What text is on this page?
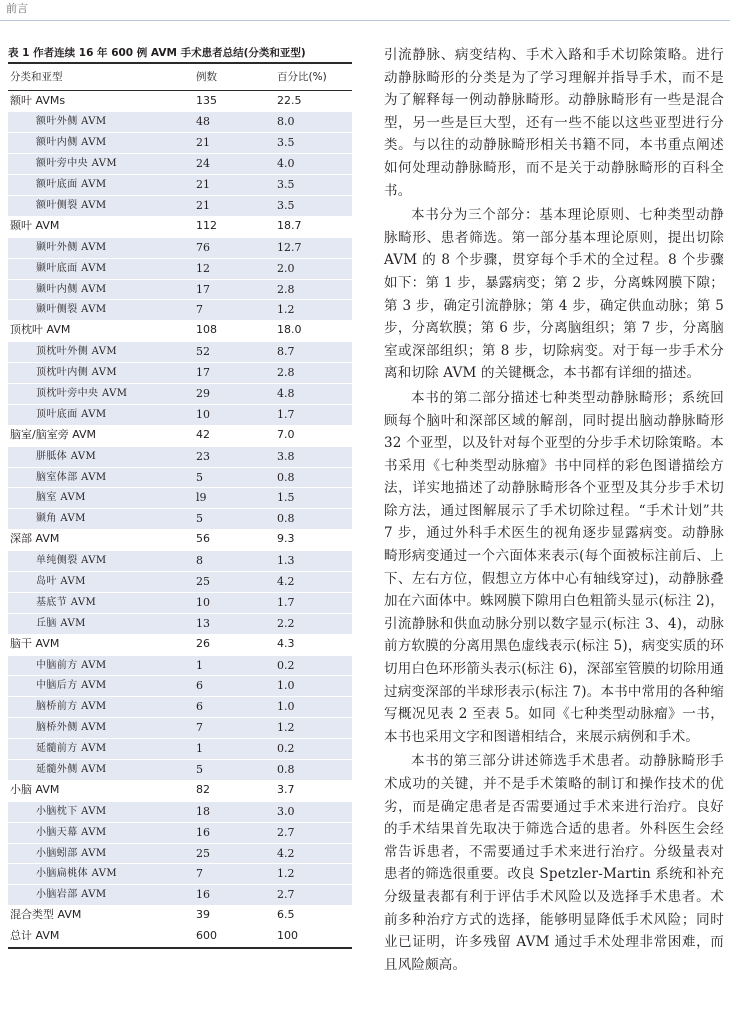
前言
表 1 作者连续 16 年 600 例 AVM 手术患者总结(分类和亚型)
分类和亚型	例数	百分比(%)
额叶 AVMs	135	22.5
额叶外侧 AVM	48	8.0
额叶内侧 AVM	21	3.5
额叶旁中央 AVM	24	4.0
额叶底面 AVM	21	3.5
额叶侧裂 AVM	21	3.5
颞叶 AVM	112	18.7
颞叶外侧 AVM	76	12.7
颞叶底面 AVM	12	2.0
颞叶内侧 AVM	17	2.8
颞叶侧裂 AVM	7	1.2
顶枕叶 AVM	108	18.0
顶枕叶外侧 AVM	52	8.7
顶枕叶内侧 AVM	17	2.8
顶枕叶旁中央 AVM	29	4.8
顶叶底面 AVM	10	1.7
脑室/脑室旁 AVM	42	7.0
胼胝体 AVM	23	3.8
脑室体部 AVM	5	0.8
脑室 AVM	l9	1.5
颞角 AVM	5	0.8
深部 AVM	56	9.3
单纯侧裂 AVM	8	1.3
岛叶 AVM	25	4.2
基底节 AVM	10	1.7
丘脑 AVM	13	2.2
脑干 AVM	26	4.3
中脑前方 AVM	1	0.2
中脑后方 AVM	6	1.0
脑桥前方 AVM	6	1.0
脑桥外侧 AVM	7	1.2
延髓前方 AVM	1	0.2
延髓外侧 AVM	5	0.8
小脑 AVM	82	3.7
小脑枕下 AVM	18	3.0
小脑天幕 AVM	16	2.7
小脑蚓部 AVM	25	4.2
小脑扁桃体 AVM	7	1.2
小脑岩部 AVM	16	2.7
混合类型 AVM	39	6.5
总计 AVM	600	100

引流静脉、病变结构、手术入路和手术切除策略。进行动静脉畸形的分类是为了学习理解并指导手术，而不是为了解释每一例动静脉畸形。动静脉畸形有一些是混合型，另一些是巨大型，还有一些不能以这些亚型进行分类。与以往的动静脉畸形相关书籍不同，本书重点阐述如何处理动静脉畸形，而不是关于动静脉畸形的百科全书。

本书分为三个部分：基本理论原则、七种类型动静脉畸形、患者筛选。第一部分基本理论原则，提出切除 AVM 的 8 个步骤，贯穿每个手术的全过程。8 个步骤如下：第 1 步，暴露病变；第 2 步，分离蛛网膜下隙；第 3 步，确定引流静脉；第 4 步，确定供血动脉；第 5 步，分离软膜；第 6 步，分离脑组织；第 7 步，分离脑室或深部组织；第 8 步，切除病变。对于每一步手术分离和切除 AVM 的关键概念，本书都有详细的描述。

本书的第二部分描述七种类型动静脉畸形；系统回顾每个脑叶和深部区域的解剖，同时提出脑动静脉畸形 32 个亚型，以及针对每个亚型的分步手术切除策略。本书采用《七种类型动脉瘤》书中同样的彩色图谱描绘方法，详实地描述了动静脉畸形各个亚型及其分步手术切除方法，通过图解展示了手术切除过程。“手术计划”共 7 步，通过外科手术医生的视角逐步显露病变。动静脉畸形病变通过一个六面体来表示(每个面被标注前后、上下、左右方位，假想立方体中心有轴线穿过)，动静脉叠加在六面体中。蛛网膜下隙用白色粗箭头显示(标注 2)，引流静脉和供血动脉分别以数字显示(标注 3、4)，动脉前方软膜的分离用黑色虚线表示(标注 5)，病变实质的环切用白色环形箭头表示(标注 6)，深部室管膜的切除用通过病变深部的半球形表示(标注 7)。本书中常用的各种缩写概况见表 2 至表 5。如同《七种类型动脉瘤》一书，本书也采用文字和图谱相结合，来展示病例和手术。

本书的第三部分讲述筛选手术患者。动静脉畸形手术成功的关键，并不是手术策略的制订和操作技术的优劣，而是确定患者是否需要通过手术来进行治疗。良好的手术结果首先取决于筛选合适的患者。外科医生会经常告诉患者，不需要通过手术来进行治疗。分级量表对患者的筛选很重要。改良 Spetzler-Martin 系统和补充分级量表都有利于评估手术风险以及选择手术患者。术前多种治疗方式的选择，能够明显降低手术风险；同时业已证明，许多残留 AVM 通过手术处理非常困难，而且风险颇高。
